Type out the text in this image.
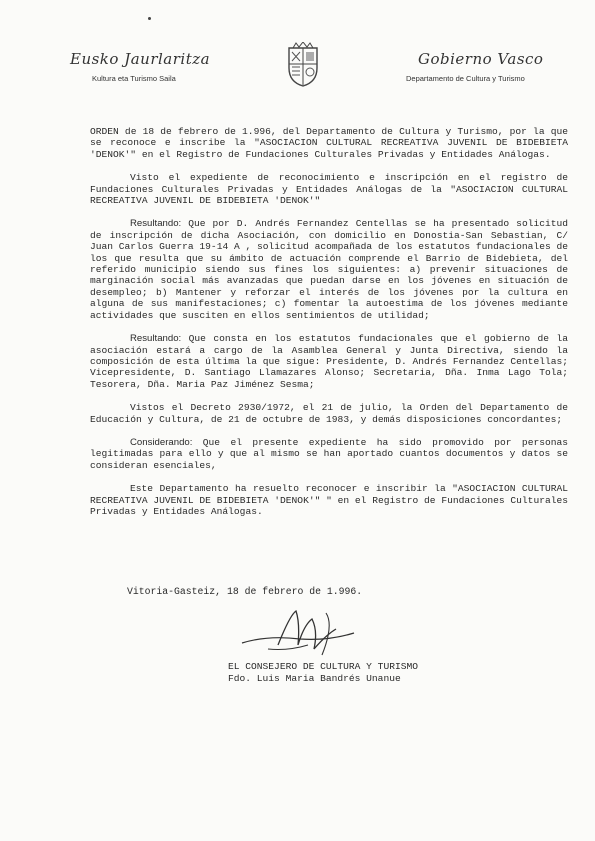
Eusko Jaurlaritza
Kultura eta Turismo Saila
Gobierno Vasco
Departamento de Cultura y Turismo

ORDEN de 18 de febrero de 1.996, del Departamento de Cultura y Turismo, por la que se reconoce e inscribe la "ASOCIACION CULTURAL RECREATIVA JUVENIL DE BIDEBIETA 'DENOK'" en el Registro de Fundaciones Culturales Privadas y Entidades Análogas.

Visto el expediente de reconocimiento e inscripción en el registro de Fundaciones Culturales Privadas y Entidades Análogas de la "ASOCIACION CULTURAL RECREATIVA JUVENIL DE BIDEBIETA 'DENOK'"

Resultando: Que por D. Andrés Fernandez Centellas se ha presentado solicitud de inscripción de dicha Asociación, con domicilio en Donostia-San Sebastian, C/ Juan Carlos Guerra 19-14 A , solicitud acompañada de los estatutos fundacionales de los que resulta que su ámbito de actuación comprende el Barrio de Bidebieta, del referido municipio siendo sus fines los siguientes: a) prevenir situaciones de marginación social más avanzadas que puedan darse en los jóvenes en situación de desempleo; b) Mantener y reforzar el interés de los jóvenes por la cultura en alguna de sus manifestaciones; c) fomentar la autoestima de los jóvenes mediante actividades que susciten en ellos sentimientos de utilidad;

Resultando: Que consta en los estatutos fundacionales que el gobierno de la asociación estará a cargo de la Asamblea General y Junta Directiva, siendo la composición de esta última la que sigue: Presidente, D. Andrés Fernandez Centellas; Vicepresidente, D. Santiago Llamazares Alonso; Secretaria, Dña. Inma Lago Tola; Tesorera, Dña. Maria Paz Jiménez Sesma;

Vistos el Decreto 2930/1972, el 21 de julio, la Orden del Departamento de Educación y Cultura, de 21 de octubre de 1983, y demás disposiciones concordantes;

Considerando: Que el presente expediente ha sido promovido por personas legitimadas para ello y que al mismo se han aportado cuantos documentos y datos se consideran esenciales,

Este Departamento ha resuelto reconocer e inscribir la "ASOCIACION CULTURAL RECREATIVA JUVENIL DE BIDEBIETA 'DENOK'" " en el Registro de Fundaciones Culturales Privadas y Entidades Análogas.

Vitoria-Gasteiz, 18 de febrero de 1.996.
EL CONSEJERO DE CULTURA Y TURISMO
Fdo. Luis Maria Bandrés Unanue
